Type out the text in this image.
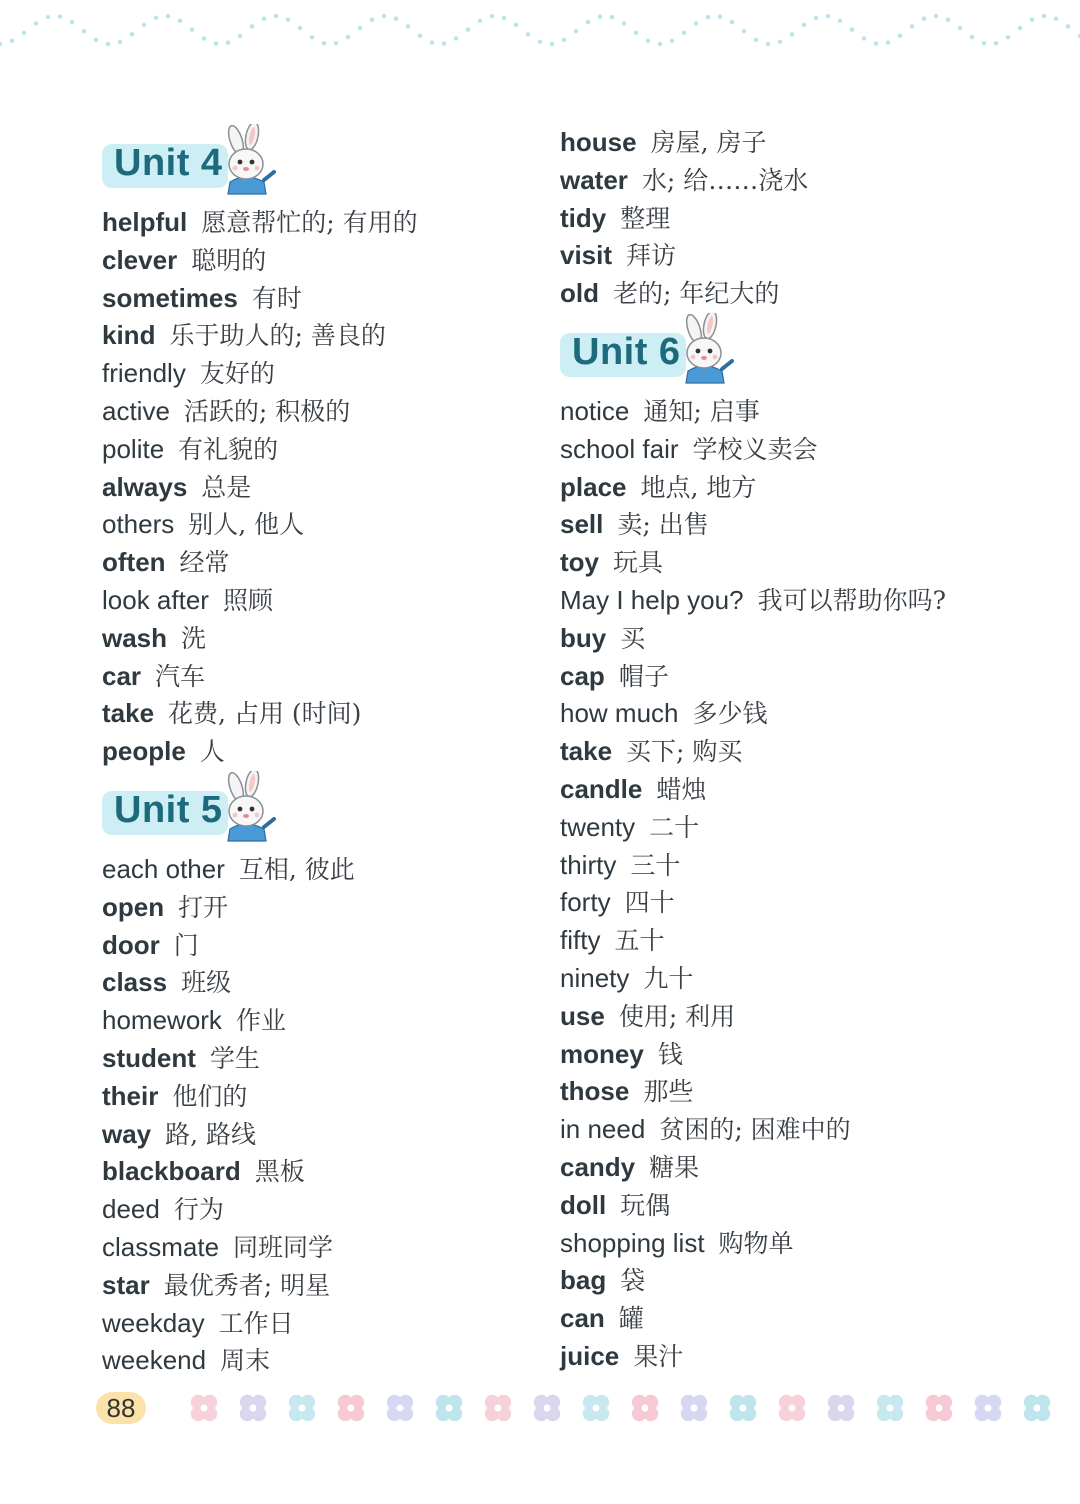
Unit 4
helpful 愿意帮忙的; 有用的
clever 聪明的
sometimes 有时
kind 乐于助人的; 善良的
friendly 友好的
active 活跃的; 积极的
polite 有礼貌的
always 总是
others 别人, 他人
often 经常
look after 照顾
wash 洗
car 汽车
take 花费, 占用 (时间)
people 人
Unit 5
each other 互相, 彼此
open 打开
door 门
class 班级
homework 作业
student 学生
their 他们的
way 路, 路线
blackboard 黑板
deed 行为
classmate 同班同学
star 最优秀者; 明星
weekday 工作日
weekend 周末
house 房屋, 房子
water 水; 给……浇水
tidy 整理
visit 拜访
old 老的; 年纪大的
Unit 6
notice 通知; 启事
school fair 学校义卖会
place 地点, 地方
sell 卖; 出售
toy 玩具
May I help you? 我可以帮助你吗?
buy 买
cap 帽子
how much 多少钱
take 买下; 购买
candle 蜡烛
twenty 二十
thirty 三十
forty 四十
fifty 五十
ninety 九十
use 使用; 利用
money 钱
those 那些
in need 贫困的; 困难中的
candy 糖果
doll 玩偶
shopping list 购物单
bag 袋
can 罐
juice 果汁
88
